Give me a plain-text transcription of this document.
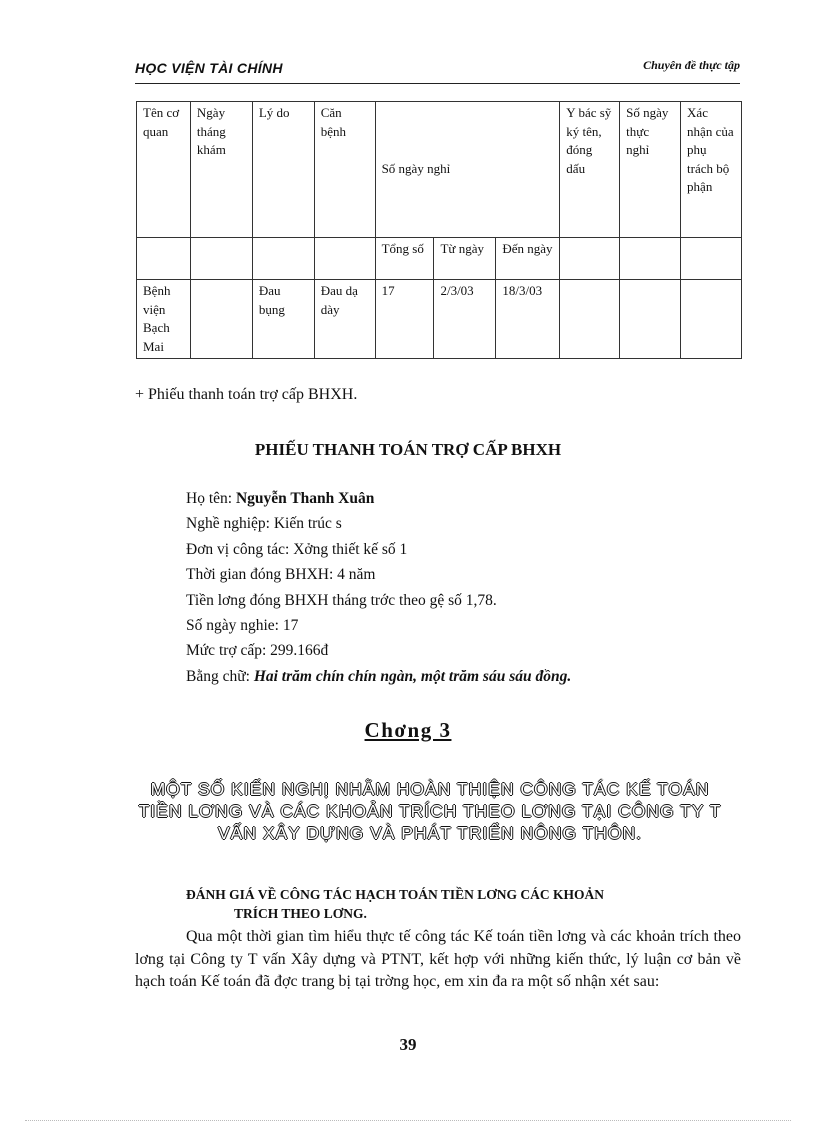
HỌC VIỆN TÀI CHÍNH	Chuyên đề thực tập
Tên cơ quan	Ngày tháng khám	Lý do	Căn bệnh	Số ngày nghỉ			Y bác sỹ ký tên, đóng dấu	Số ngày thực nghỉ	Xác nhận của phụ trách bộ phận
				Tổng số	Từ ngày	Đến ngày			
Bệnh viện Bạch Mai		Đau bụng	Đau dạ dày	17	2/3/03	18/3/03			
+ Phiếu thanh toán trợ cấp BHXH.
PHIẾU THANH TOÁN TRỢ CẤP BHXH
Họ tên: Nguyễn Thanh Xuân
Nghề nghiệp: Kiến trúc s
Đơn vị công tác: Xởng thiết kế số 1
Thời gian đóng BHXH: 4 năm
Tiền lơng đóng BHXH tháng trớc theo gệ số 1,78.
Số ngày nghie: 17
Mức trợ cấp: 299.166đ
Bằng chữ: Hai trăm chín chín ngàn, một trăm sáu sáu đồng.
Chơng 3
MỘT SỐ KIẾN NGHỊ NHẰM HOÀN THIỆN CÔNG TÁC KẾ TOÁN TIỀN LƠNG VÀ CÁC KHOẢN TRÍCH THEO LƠNG TẠI CÔNG TY T VẤN XÂY DỰNG VÀ PHÁT TRIỂN NÔNG THÔN.
ĐÁNH GIÁ VỀ CÔNG TÁC HẠCH TOÁN TIỀN LƠNG CÁC KHOẢN
TRÍCH THEO LƠNG.
Qua một thời gian tìm hiểu thực tế công tác Kế toán tiền lơng và các khoản trích theo lơng tại Công ty T vấn Xây dựng và PTNT, kết hợp với những kiến thức, lý luận cơ bản về hạch toán Kế toán đã đợc trang bị tại trờng học, em xin đa ra một số nhận xét sau:
39
